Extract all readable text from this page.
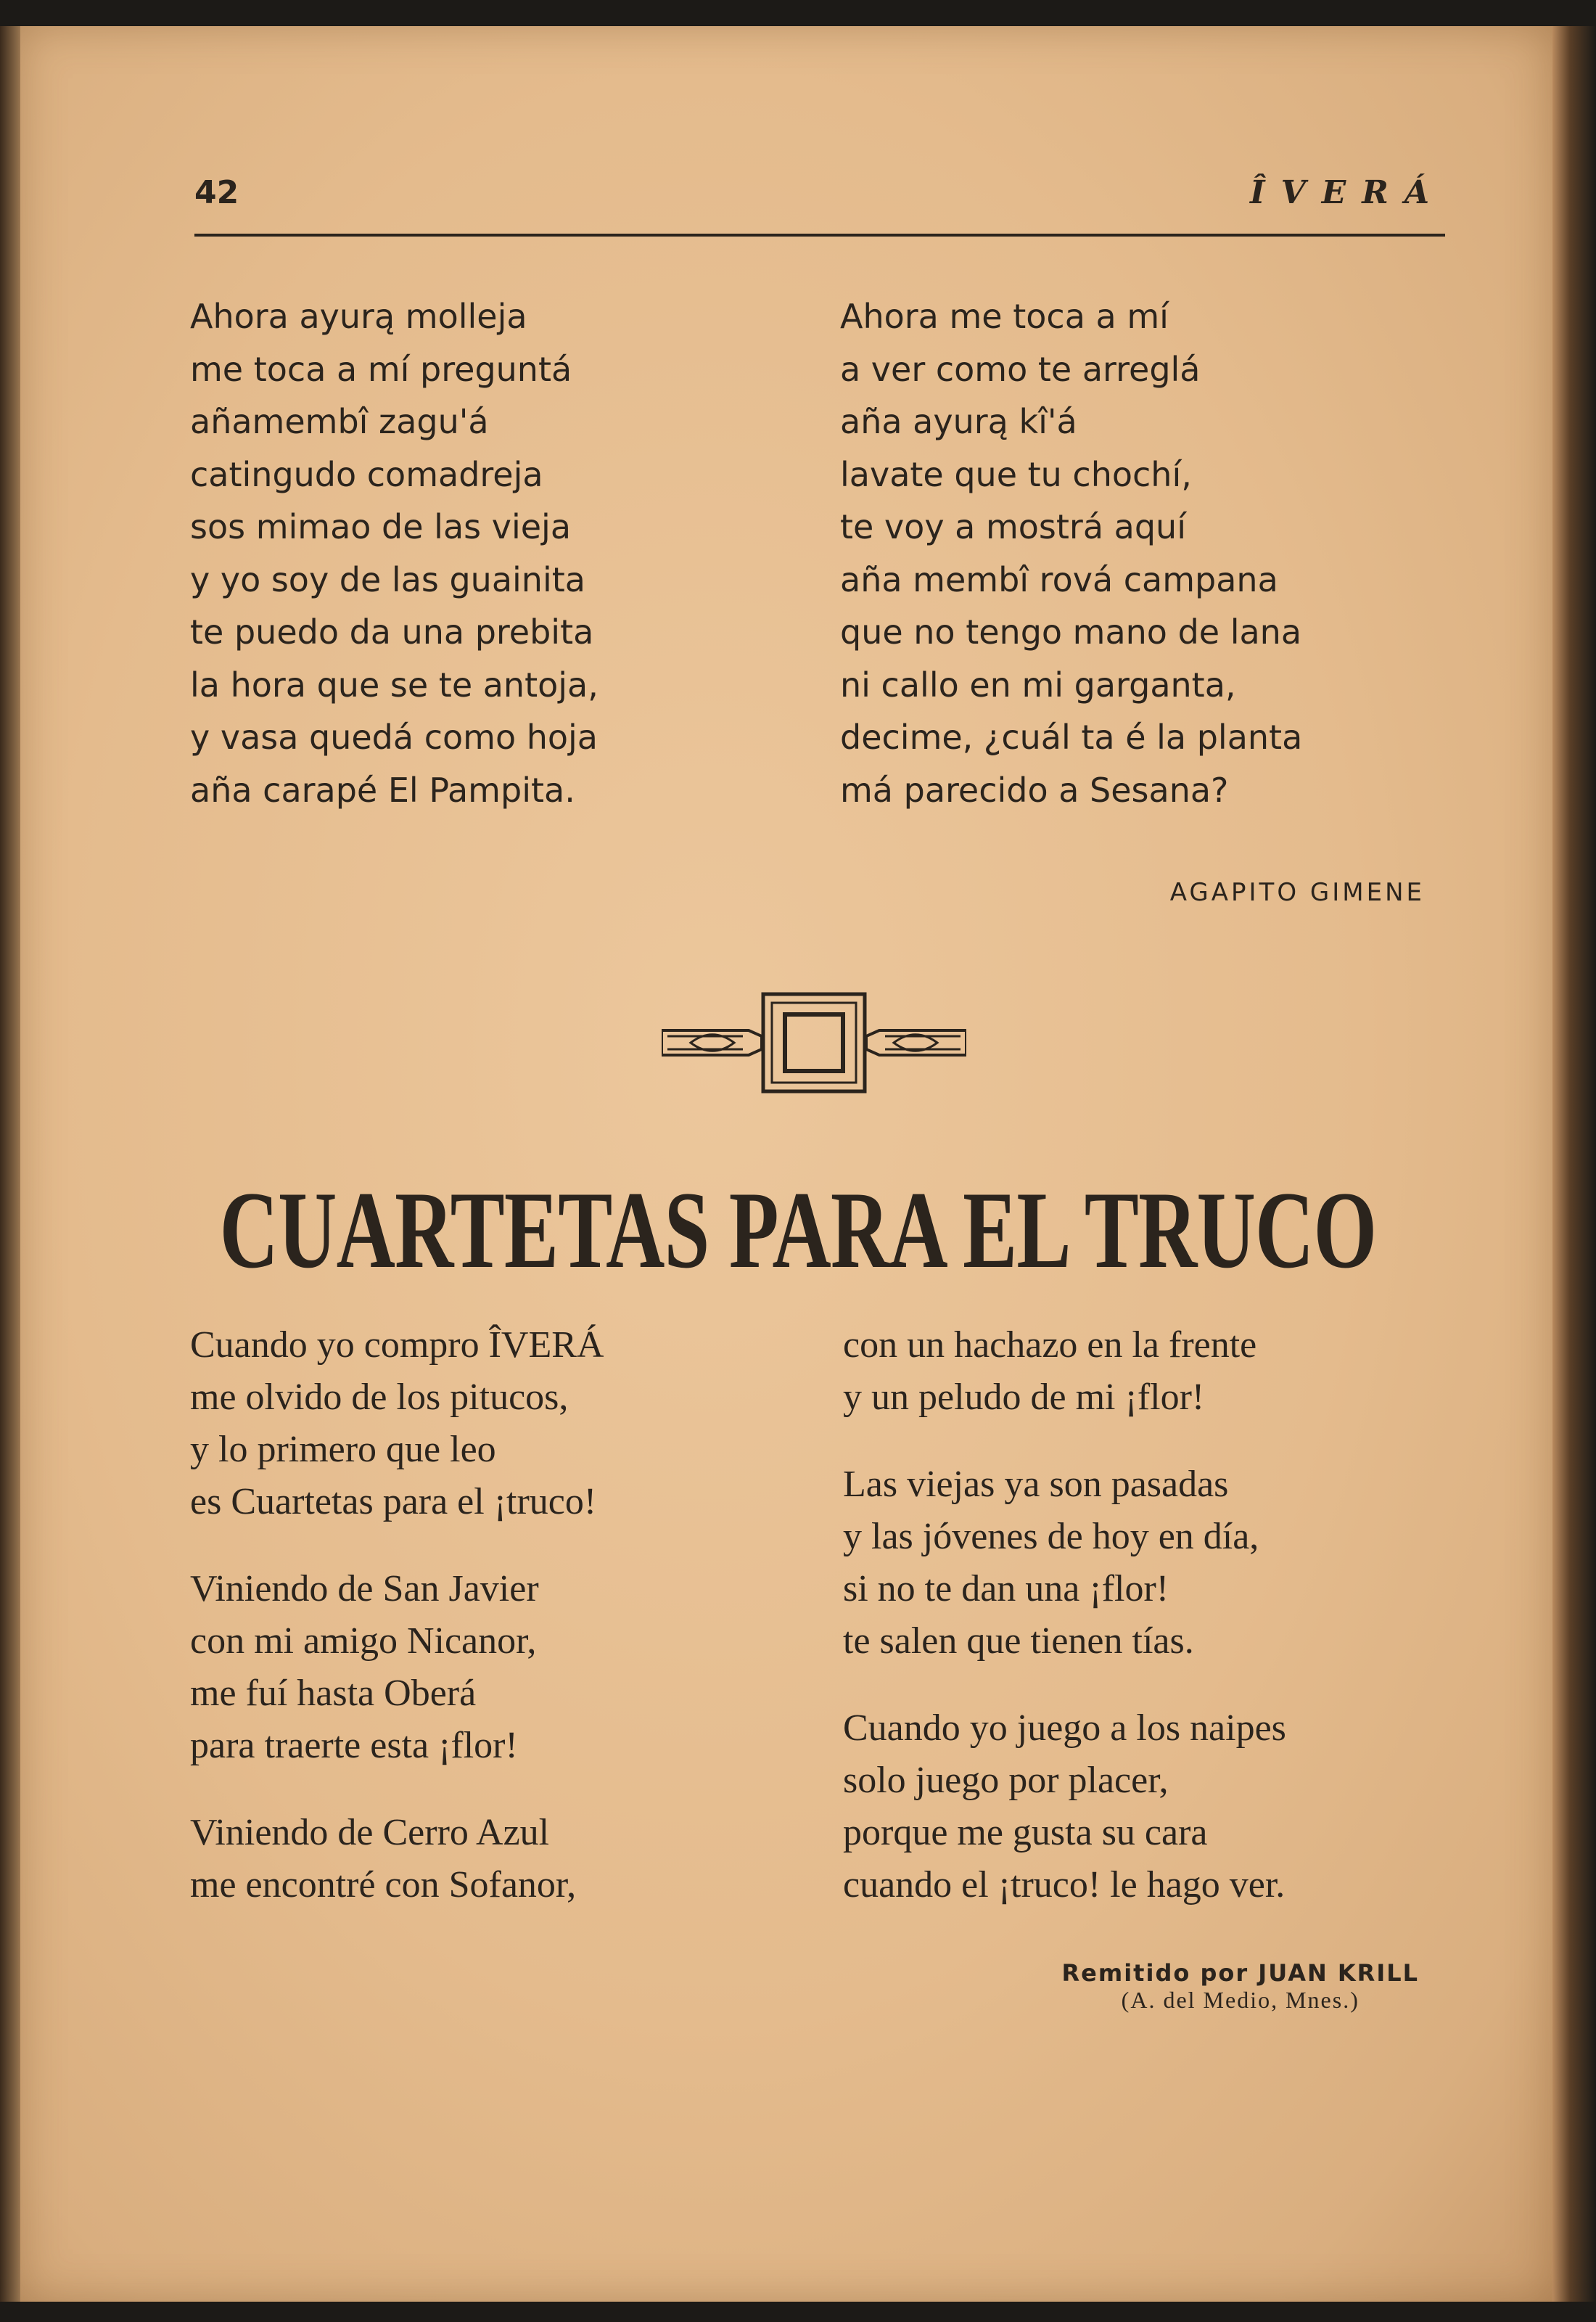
42	ÎVERÁ
Ahora ayurą molleja
me toca a mí preguntá
añamembî zagu'á
catingudo comadreja
sos mimao de las vieja
y yo soy de las guainita
te puedo da una prebita
la hora que se te antoja,
y vasa quedá como hoja
aña carapé El Pampita.
Ahora me toca a mí
a ver como te arreglá
aña ayurą kî'á
lavate que tu chochí,
te voy a mostrá aquí
aña membî rová campana
que no tengo mano de lana
ni callo en mi garganta,
decime, ¿cuál ta é la planta
má parecido a Sesana?
AGAPITO GIMENE
CUARTETAS PARA EL TRUCO
Cuando yo compro ÎVERÁ
me olvido de los pitucos,
y lo primero que leo
es Cuartetas para el ¡truco!
Viniendo de San Javier
con mi amigo Nicanor,
me fuí hasta Oberá
para traerte esta ¡flor!
Viniendo de Cerro Azul
me encontré con Sofanor,
con un hachazo en la frente
y un peludo de mi ¡flor!
Las viejas ya son pasadas
y las jóvenes de hoy en día,
si no te dan una ¡flor!
te salen que tienen tías.
Cuando yo juego a los naipes
solo juego por placer,
porque me gusta su cara
cuando el ¡truco! le hago ver.
Remitido por JUAN KRILL
(A. del Medio, Mnes.)
